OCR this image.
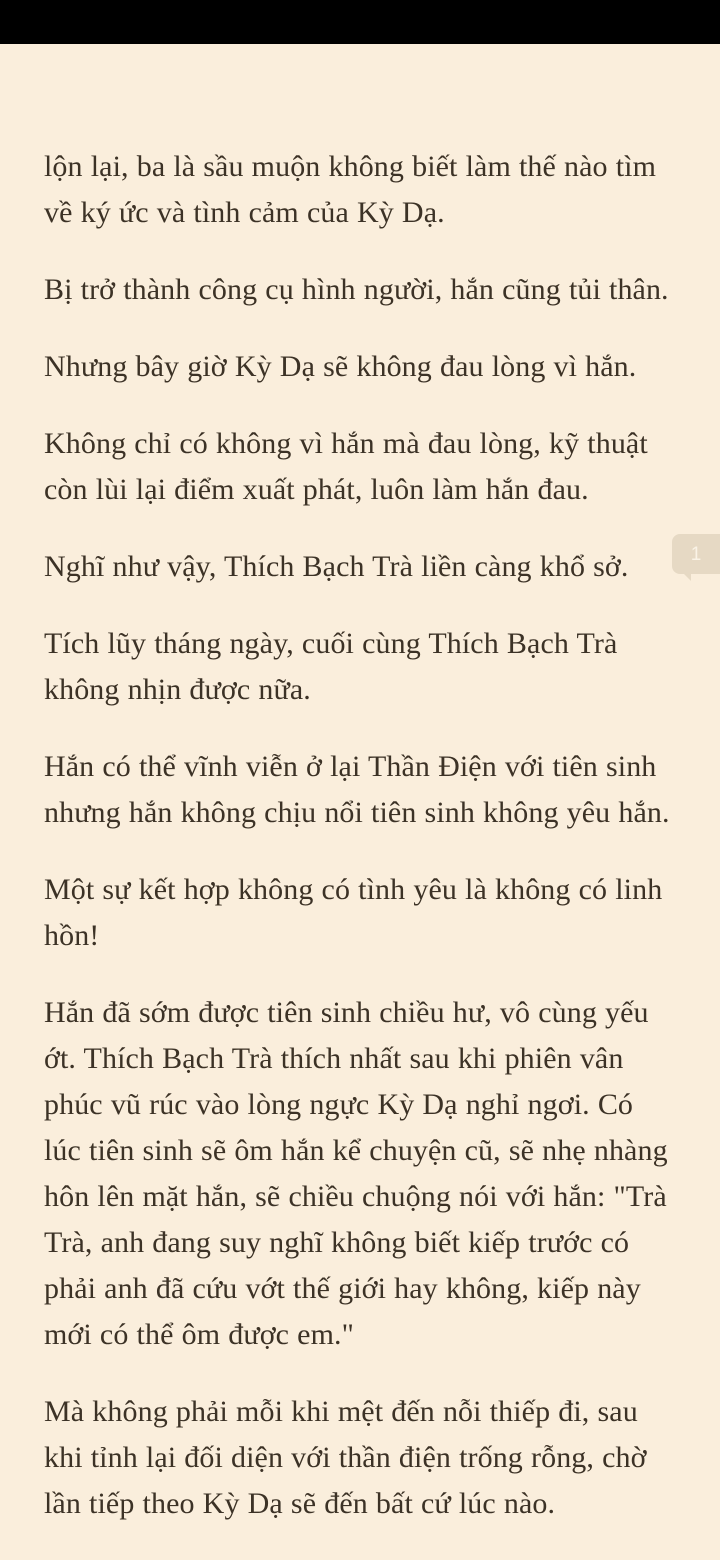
lộn lại, ba là sầu muộn không biết làm thế nào tìm về ký ức và tình cảm của Kỳ Dạ.

Bị trở thành công cụ hình người, hắn cũng tủi thân.

Nhưng bây giờ Kỳ Dạ sẽ không đau lòng vì hắn.

Không chỉ có không vì hắn mà đau lòng, kỹ thuật còn lùi lại điểm xuất phát, luôn làm hắn đau.

Nghĩ như vậy, Thích Bạch Trà liền càng khổ sở.

Tích lũy tháng ngày, cuối cùng Thích Bạch Trà không nhịn được nữa.

Hắn có thể vĩnh viễn ở lại Thần Điện với tiên sinh nhưng hắn không chịu nổi tiên sinh không yêu hắn.

Một sự kết hợp không có tình yêu là không có linh hồn!

Hắn đã sớm được tiên sinh chiều hư, vô cùng yếu ớt. Thích Bạch Trà thích nhất sau khi phiên vân phúc vũ rúc vào lòng ngực Kỳ Dạ nghỉ ngơi. Có lúc tiên sinh sẽ ôm hắn kể chuyện cũ, sẽ nhẹ nhàng hôn lên mặt hắn, sẽ chiều chuộng nói với hắn: "Trà Trà, anh đang suy nghĩ không biết kiếp trước có phải anh đã cứu vớt thế giới hay không, kiếp này mới có thể ôm được em."

Mà không phải mỗi khi mệt đến nỗi thiếp đi, sau khi tỉnh lại đối diện với thần điện trống rỗng, chờ lần tiếp theo Kỳ Dạ sẽ đến bất cứ lúc nào.

1
